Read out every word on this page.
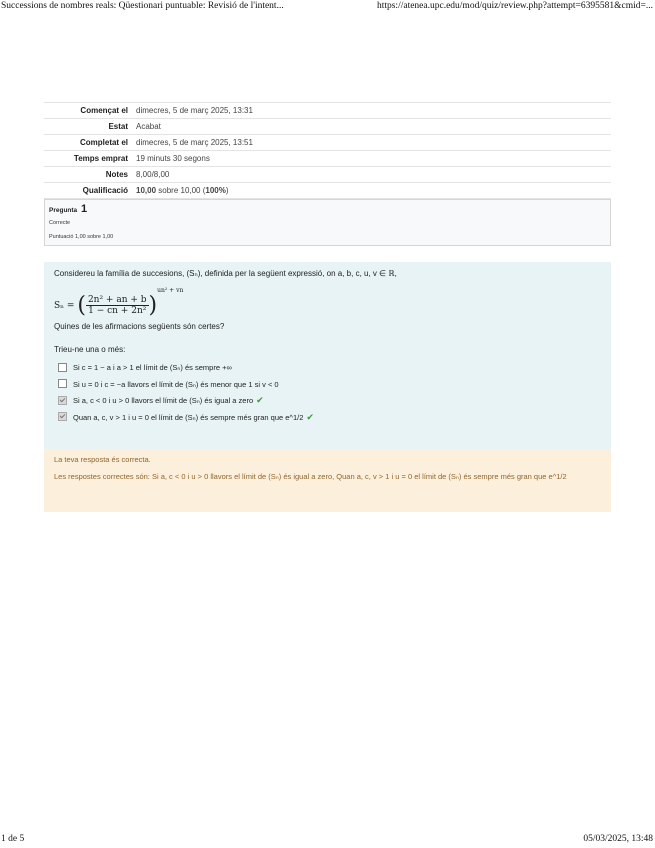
Successions de nombres reals: Qüestionari puntuable: Revisió de l'intent...	https://atenea.upc.edu/mod/quiz/review.php?attempt=6395581&cmid=...
Començat el	dimecres, 5 de març 2025, 13:31
Estat	Acabat
Completat el	dimecres, 5 de març 2025, 13:51
Temps emprat	19 minuts 30 segons
Notes	8,00/8,00
Qualificació	10,00 sobre 10,00 (100%)
Pregunta 1
Correcte
Puntuació 1,00 sobre 1,00
Considereu la família de succesions, (Sₙ), definida per la següent expressió, on a, b, c, u, v ∈ ℝ,
Sₙ = ( $\frac{\text{2n² + an + b}}{\text{1 − cn + 2n²}} )^{un^2 + vn}$
Quines de les afirmacions següents són certes?
Trieu-ne una o més:
Si c = 1 − a i a > 1 el límit de (Sₙ) és sempre +∞
Si u = 0 i c = −a llavors el límit de (Sₙ) és menor que 1 si v < 0
Si a, c < 0 i u > 0 llavors el límit de (Sₙ) és igual a zero ✔
Quan a, c, v > 1 i u = 0 el límit de (Sₙ) és sempre més gran que e^1/2 ✔
La teva resposta és correcta.
Les respostes correctes són: Si a, c < 0 i u > 0 llavors el límit de (Sₙ) és igual a zero, Quan a, c, v > 1 i u = 0 el límit de (Sₙ) és sempre més gran que e^1/2
1 de 5	05/03/2025, 13:48
